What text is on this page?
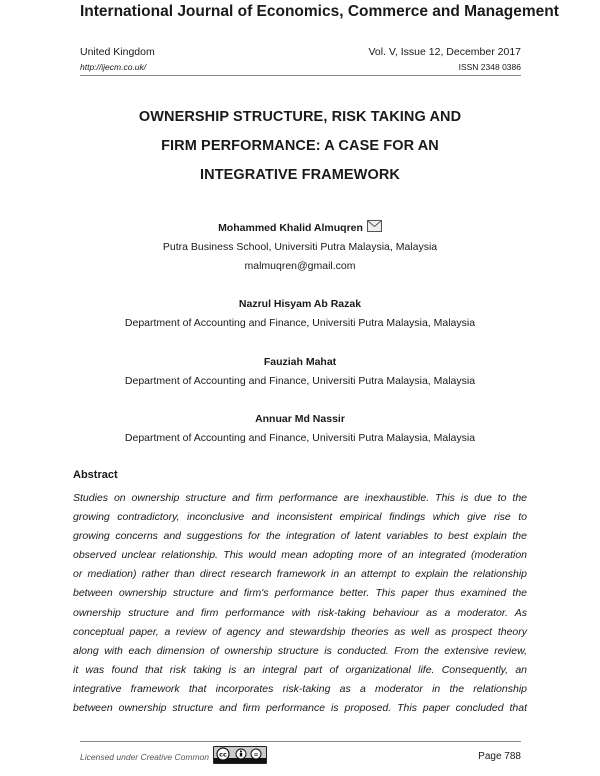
International Journal of Economics, Commerce and Management
United Kingdom	Vol. V, Issue 12, December 2017
http://ijecm.co.uk/	ISSN 2348 0386
OWNERSHIP STRUCTURE, RISK TAKING AND
FIRM PERFORMANCE: A CASE FOR AN
INTEGRATIVE FRAMEWORK
Mohammed Khalid Almuqren
Putra Business School, Universiti Putra Malaysia, Malaysia
malmuqren@gmail.com
Nazrul Hisyam Ab Razak
Department of Accounting and Finance, Universiti Putra Malaysia, Malaysia
Fauziah Mahat
Department of Accounting and Finance, Universiti Putra Malaysia, Malaysia
Annuar Md Nassir
Department of Accounting and Finance, Universiti Putra Malaysia, Malaysia
Abstract
Studies on ownership structure and firm performance are inexhaustible. This is due to the
growing contradictory, inconclusive and inconsistent empirical findings which give rise to
growing concerns and suggestions for the integration of latent variables to best explain the
observed unclear relationship. This would mean adopting more of an integrated (moderation
or mediation) rather than direct research framework in an attempt to explain the relationship
between ownership structure and firm's performance better. This paper thus examined the
ownership structure and firm performance with risk-taking behaviour as a moderator. As
conceptual paper, a review of agency and stewardship theories as well as prospect theory
along with each dimension of ownership structure is conducted. From the extensive review,
it was found that risk taking is an integral part of organizational life. Consequently, an
integrative framework that incorporates risk-taking as a moderator in the relationship
between ownership structure and firm performance is proposed. This paper concluded that
Licensed under Creative Common cc	=	Page 788
